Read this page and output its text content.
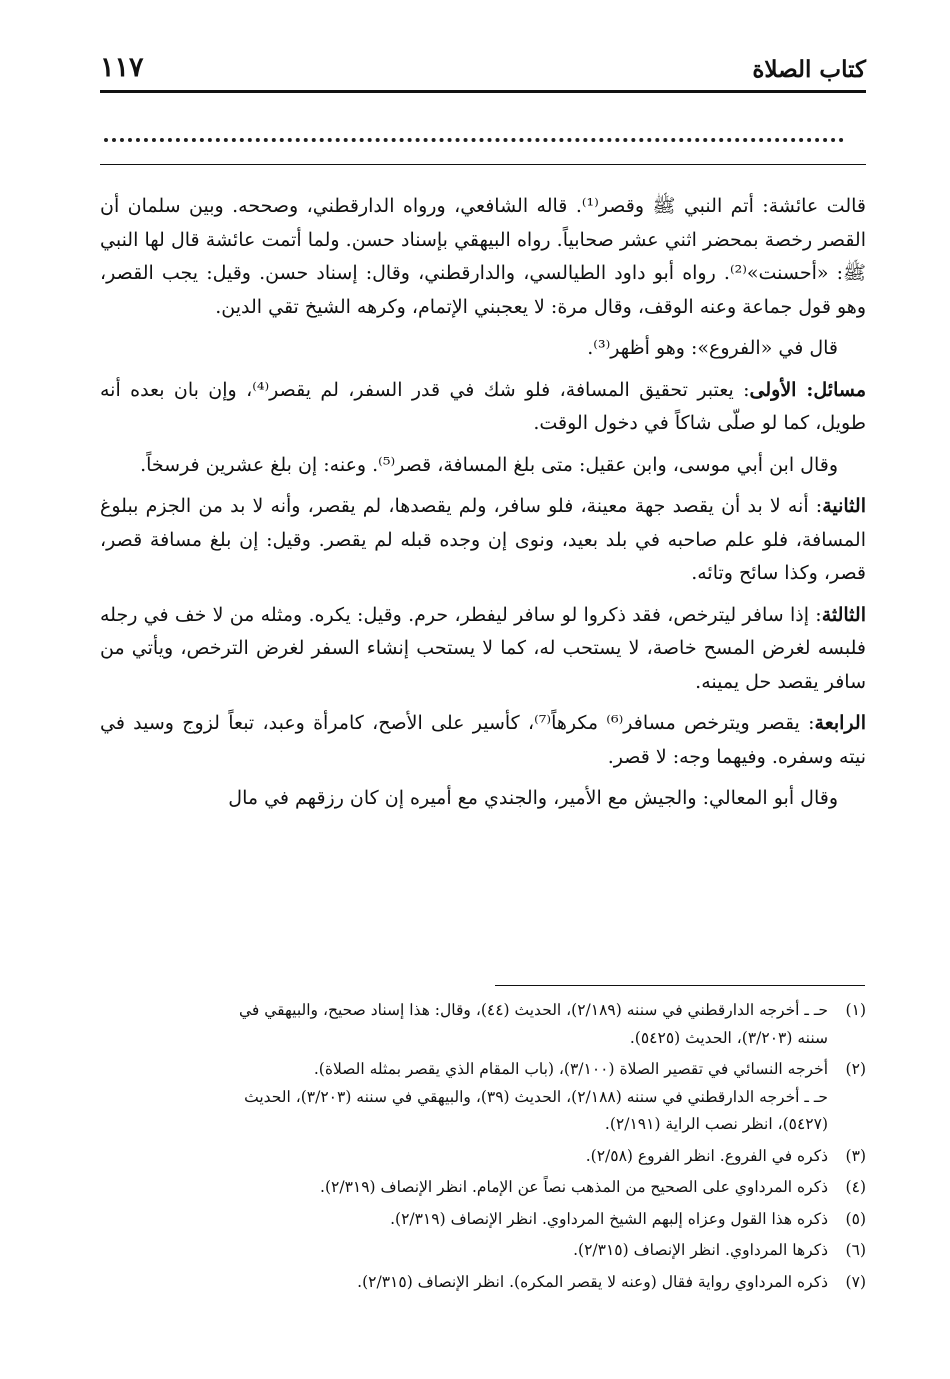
كتاب الصلاة
١١٧

قالت عائشة: أتم النبي ﷺ وقصر⁽¹⁾. قاله الشافعي، ورواه الدارقطني، وصححه. وبين سلمان أن القصر رخصة بمحضر اثني عشر صحابياً. رواه البيهقي بإسناد حسن. ولما أتمت عائشة قال لها النبي ﷺ: «أحسنت»⁽²⁾. رواه أبو داود الطيالسي، والدارقطني، وقال: إسناد حسن. وقيل: يجب القصر، وهو قول جماعة وعنه الوقف، وقال مرة: لا يعجبني الإتمام، وكرهه الشيخ تقي الدين.

قال في «الفروع»: وهو أظهر⁽³⁾.

مسائل: الأولى: يعتبر تحقيق المسافة، فلو شك في قدر السفر، لم يقصر⁽⁴⁾، وإن بان بعده أنه طويل، كما لو صلّى شاكاً في دخول الوقت.

وقال ابن أبي موسى، وابن عقيل: متى بلغ المسافة، قصر⁽⁵⁾. وعنه: إن بلغ عشرين فرسخاً.

الثانية: أنه لا بد أن يقصد جهة معينة، فلو سافر، ولم يقصدها، لم يقصر، وأنه لا بد من الجزم ببلوغ المسافة، فلو علم صاحبه في بلد بعيد، ونوى إن وجده قبله لم يقصر. وقيل: إن بلغ مسافة قصر، قصر، وكذا سائح وتائه.

الثالثة: إذا سافر ليترخص، فقد ذكروا لو سافر ليفطر، حرم. وقيل: يكره. ومثله من لا خف في رجله فلبسه لغرض المسح خاصة، لا يستحب له، كما لا يستحب إنشاء السفر لغرض الترخص، ويأتي من سافر يقصد حل يمينه.

الرابعة: يقصر ويترخص مسافر⁽⁶⁾ مكرهاً⁽⁷⁾، كأسير على الأصح، كامرأة وعبد، تبعاً لزوج وسيد في نيته وسفره. وفيهما وجه: لا قصر.

وقال أبو المعالي: والجيش مع الأمير، والجندي مع أميره إن كان رزقهم في مال

(١)حـ ـ أخرجه الدارقطني في سننه (٢/١٨٩)، الحديث (٤٤)، وقال: هذا إسناد صحيح، والبيهقي في
سننه (٣/٢٠٣)، الحديث (٥٤٢٥).
(٢)أخرجه النسائي في تقصير الصلاة (٣/١٠٠)، (باب المقام الذي يقصر بمثله الصلاة).
حـ ـ أخرجه الدارقطني في سننه (٢/١٨٨)، الحديث (٣٩)، والبيهقي في سننه (٣/٢٠٣)، الحديث
(٥٤٢٧)، انظر نصب الراية (٢/١٩١).
(٣)ذكره في الفروع. انظر الفروع (٢/٥٨).
(٤)ذكره المرداوي على الصحيح من المذهب نصاً عن الإمام. انظر الإنصاف (٢/٣١٩).
(٥)ذكره هذا القول وعزاه إلبهم الشيخ المرداوي. انظر الإنصاف (٢/٣١٩).
(٦)ذكرها المرداوي. انظر الإنصاف (٢/٣١٥).
(٧)ذكره المرداوي رواية فقال (وعنه لا يقصر المكره). انظر الإنصاف (٢/٣١٥).
